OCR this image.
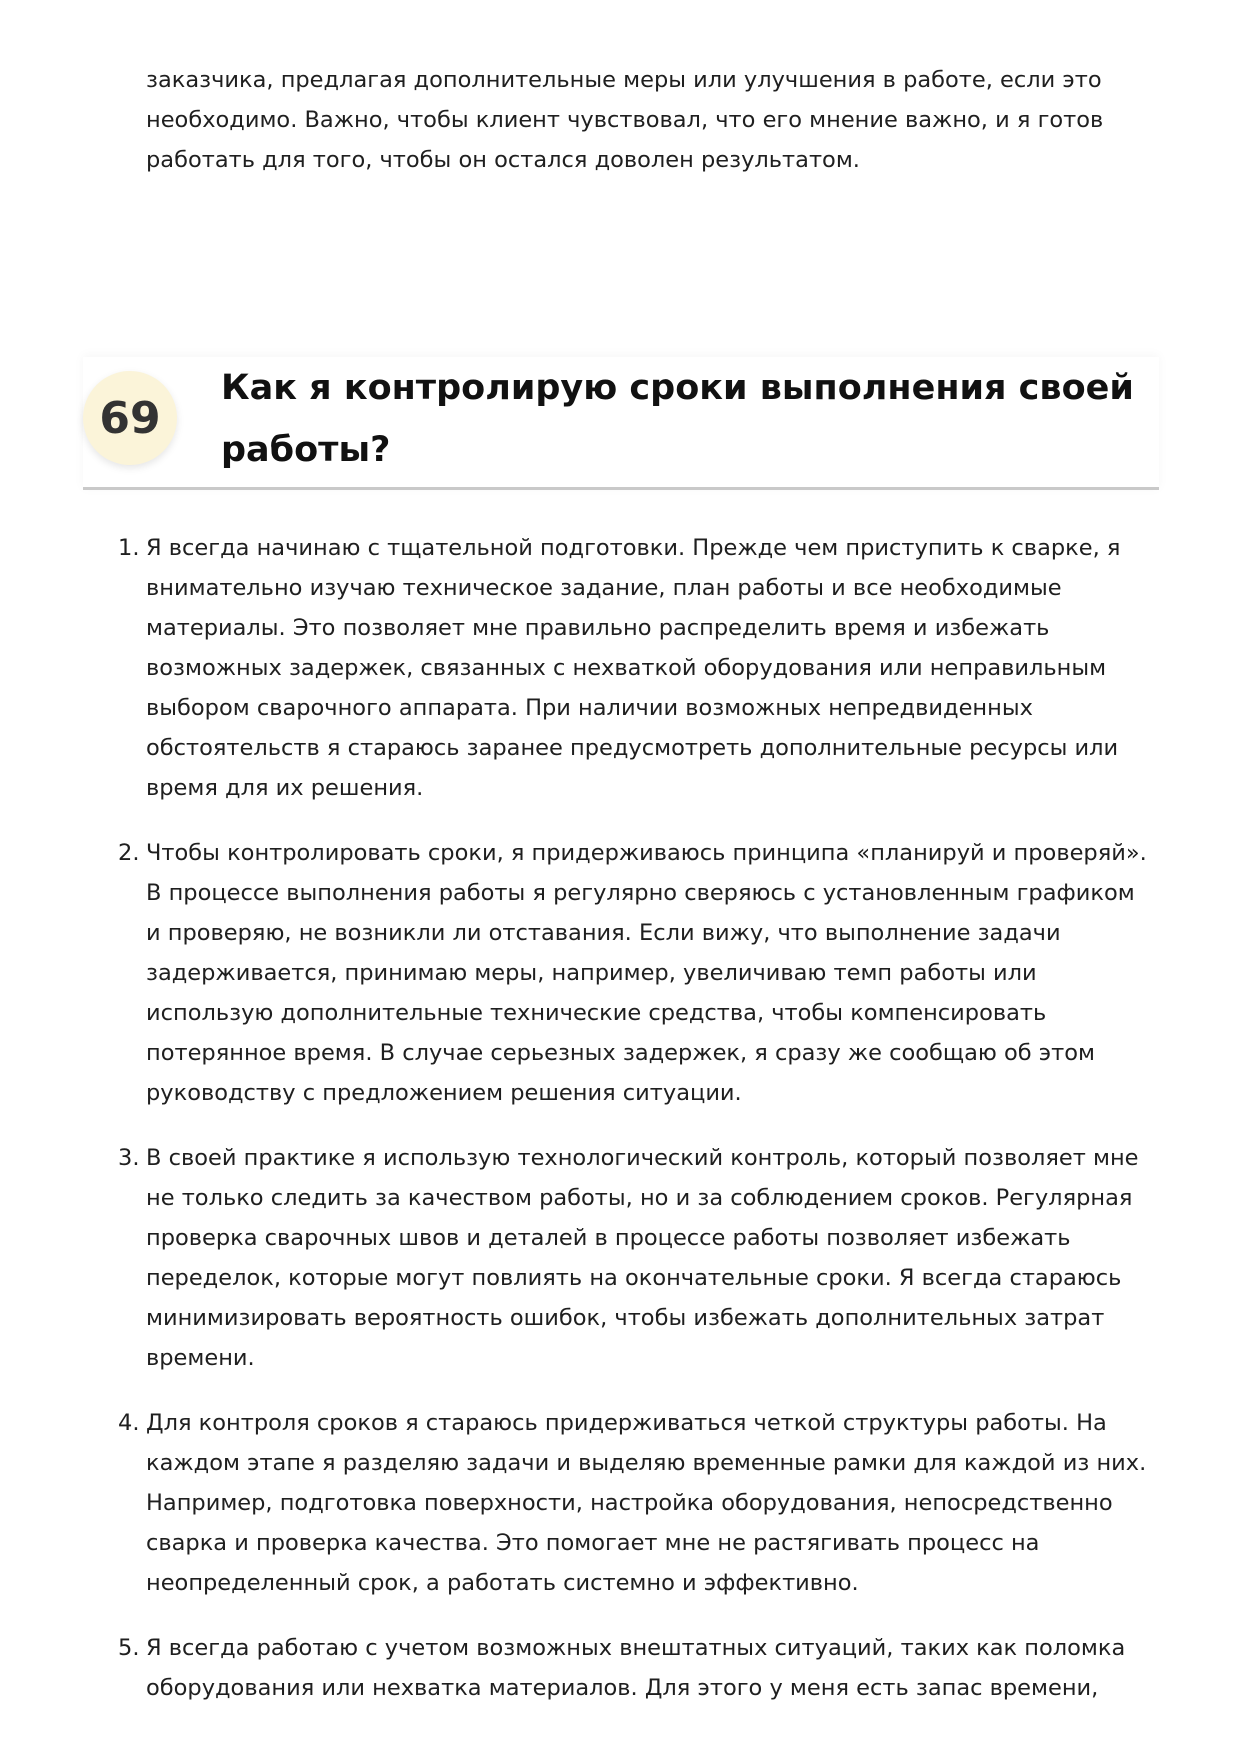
заказчика, предлагая дополнительные меры или улучшения в работе, если это необходимо. Важно, чтобы клиент чувствовал, что его мнение важно, и я готов работать для того, чтобы он остался доволен результатом.

69
Как я контролирую сроки выполнения своей работы?
1. Я всегда начинаю с тщательной подготовки. Прежде чем приступить к сварке, я внимательно изучаю техническое задание, план работы и все необходимые материалы. Это позволяет мне правильно распределить время и избежать возможных задержек, связанных с нехваткой оборудования или неправильным выбором сварочного аппарата. При наличии возможных непредвиденных обстоятельств я стараюсь заранее предусмотреть дополнительные ресурсы или время для их решения.
2. Чтобы контролировать сроки, я придерживаюсь принципа «планируй и проверяй». В процессе выполнения работы я регулярно сверяюсь с установленным графиком и проверяю, не возникли ли отставания. Если вижу, что выполнение задачи задерживается, принимаю меры, например, увеличиваю темп работы или использую дополнительные технические средства, чтобы компенсировать потерянное время. В случае серьезных задержек, я сразу же сообщаю об этом руководству с предложением решения ситуации.
3. В своей практике я использую технологический контроль, который позволяет мне не только следить за качеством работы, но и за соблюдением сроков. Регулярная проверка сварочных швов и деталей в процессе работы позволяет избежать переделок, которые могут повлиять на окончательные сроки. Я всегда стараюсь минимизировать вероятность ошибок, чтобы избежать дополнительных затрат времени.
4. Для контроля сроков я стараюсь придерживаться четкой структуры работы. На каждом этапе я разделяю задачи и выделяю временные рамки для каждой из них. Например, подготовка поверхности, настройка оборудования, непосредственно сварка и проверка качества. Это помогает мне не растягивать процесс на неопределенный срок, а работать системно и эффективно.
5. Я всегда работаю с учетом возможных внештатных ситуаций, таких как поломка оборудования или нехватка материалов. Для этого у меня есть запас времени,
